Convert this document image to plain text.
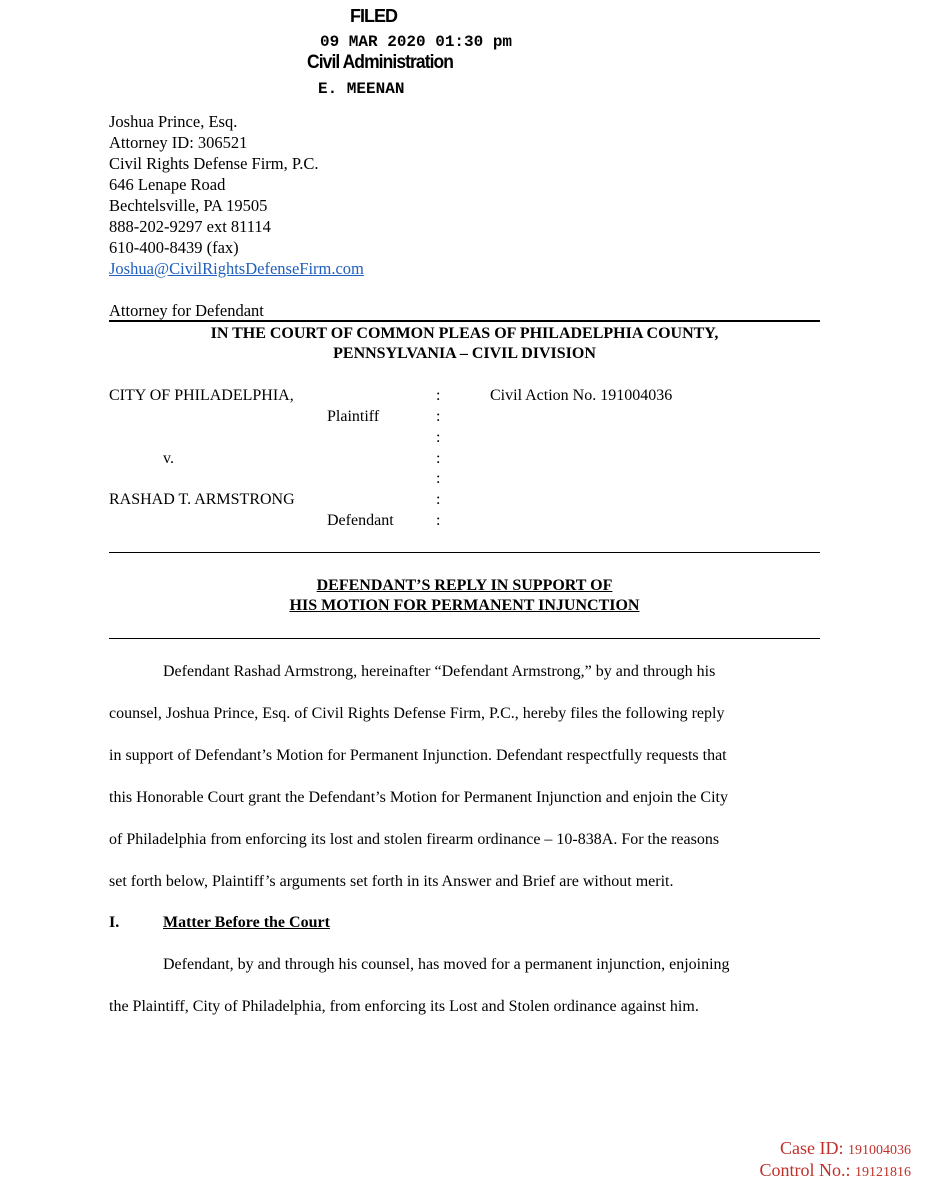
FILED
09 MAR 2020 01:30 pm
Civil Administration
E. MEENAN
Joshua Prince, Esq.
Attorney ID: 306521
Civil Rights Defense Firm, P.C.
646 Lenape Road
Bechtelsville, PA 19505
888-202-9297 ext 81114
610-400-8439 (fax)
Joshua@CivilRightsDefenseFirm.com
Attorney for Defendant
IN THE COURT OF COMMON PLEAS OF PHILADELPHIA COUNTY,
PENNSYLVANIA – CIVIL DIVISION
CITY OF PHILADELPHIA,
Plaintiff
v.
RASHAD T. ARMSTRONG
Defendant
Civil Action No. 191004036
:
:
:
:
:
:
:
DEFENDANT’S REPLY IN SUPPORT OF
HIS MOTION FOR PERMANENT INJUNCTION
Defendant Rashad Armstrong, hereinafter “Defendant Armstrong,” by and through his
counsel, Joshua Prince, Esq. of Civil Rights Defense Firm, P.C., hereby files the following reply
in support of Defendant’s Motion for Permanent Injunction. Defendant respectfully requests that
this Honorable Court grant the Defendant’s Motion for Permanent Injunction and enjoin the City
of Philadelphia from enforcing its lost and stolen firearm ordinance – 10-838A. For the reasons
set forth below, Plaintiff’s arguments set forth in its Answer and Brief are without merit.
I.	Matter Before the Court
Defendant, by and through his counsel, has moved for a permanent injunction, enjoining
the Plaintiff, City of Philadelphia, from enforcing its Lost and Stolen ordinance against him.
Case ID: 191004036
Control No.: 19121816
